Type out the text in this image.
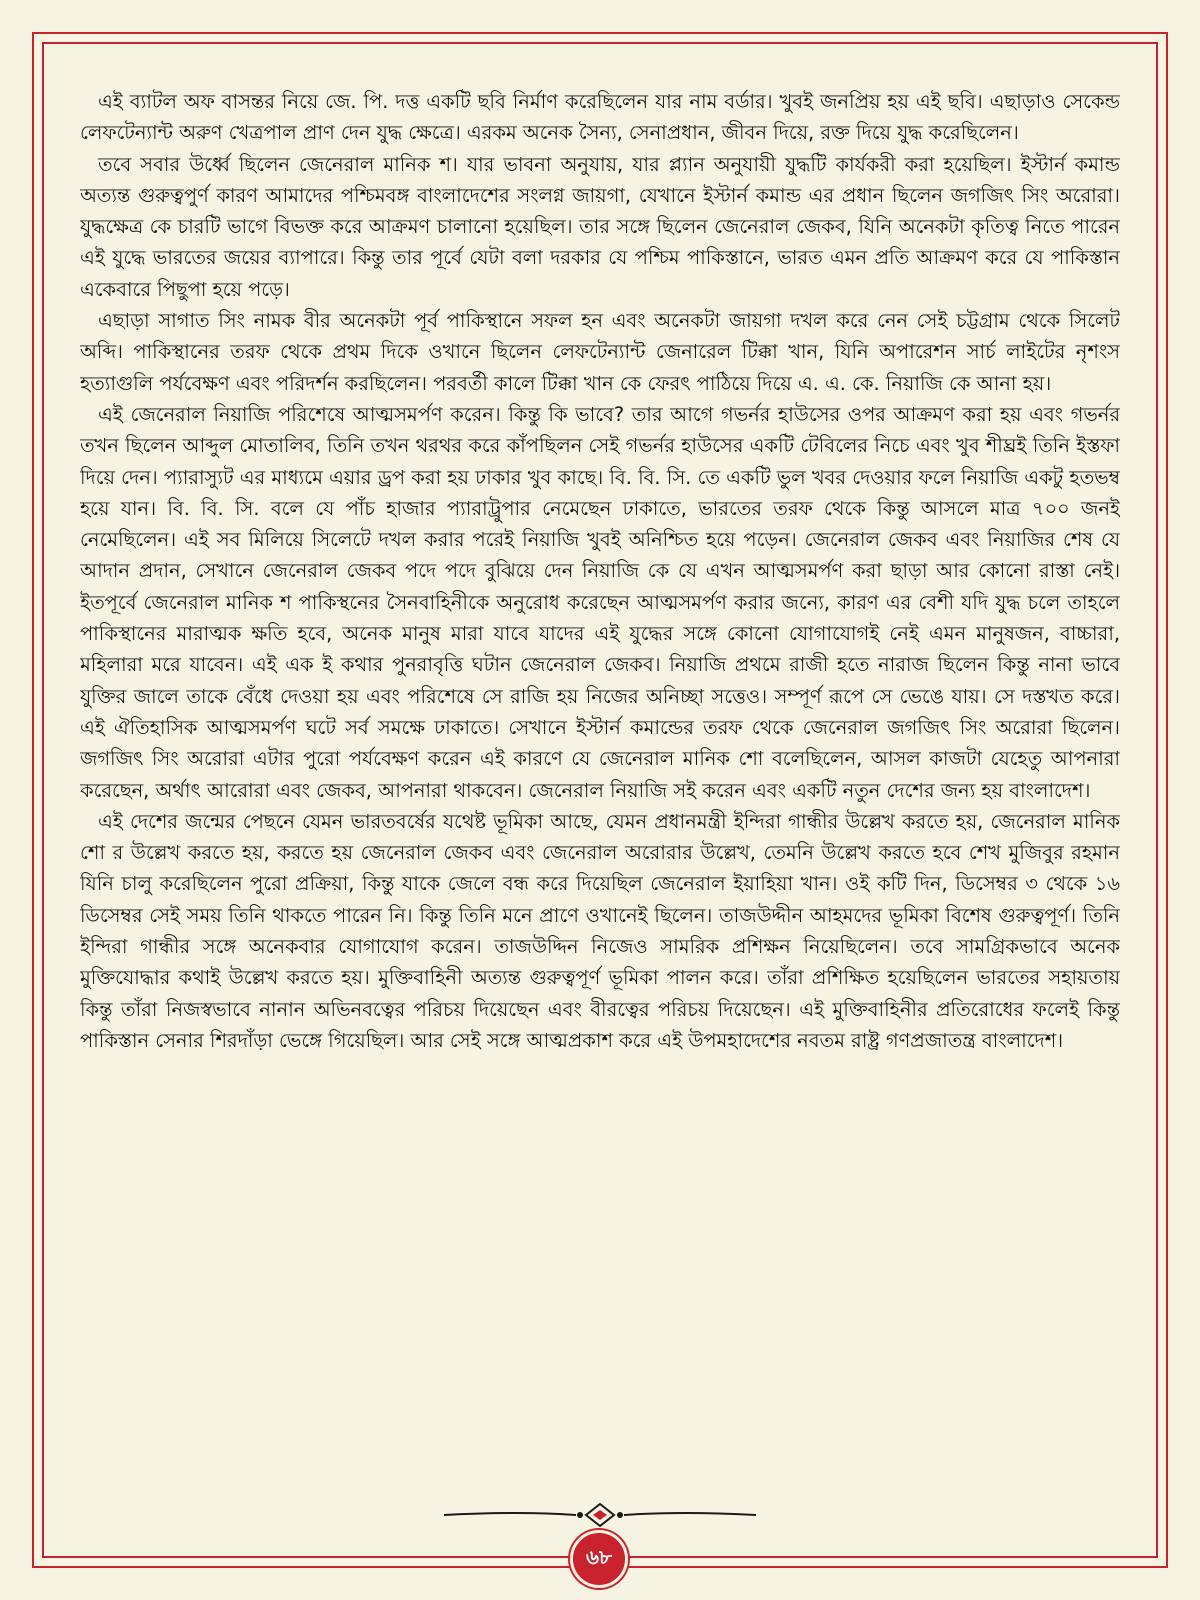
এই ব্যাটল অফ বাসন্তর নিয়ে জে. পি. দত্ত একটি ছবি নির্মাণ করেছিলেন যার নাম বর্ডার। খুবই জনপ্রিয় হয় এই ছবি। এছাড়াও সেকেন্ড লেফটেন্যান্ট অরুণ খেত্রপাল প্রাণ দেন যুদ্ধ ক্ষেত্রে। এরকম অনেক সৈন্য, সেনাপ্রধান, জীবন দিয়ে, রক্ত দিয়ে যুদ্ধ করেছিলেন।

তবে সবার উর্ধ্বে ছিলেন জেনেরাল মানিক শ। যার ভাবনা অনুযায়, যার প্ল্যান অনুযায়ী যুদ্ধটি কার্যকরী করা হয়েছিল। ইস্টার্ন কমান্ড অত্যন্ত গুরুত্বপুর্ণ কারণ আমাদের পশ্চিমবঙ্গ বাংলাদেশের সংলগ্ন জায়গা, যেখানে ইস্টার্ন কমান্ড এর প্রধান ছিলেন জগজিৎ সিং অরোরা। যুদ্ধক্ষেত্র কে চারটি ভাগে বিভক্ত করে আক্রমণ চালানো হয়েছিল। তার সঙ্গে ছিলেন জেনেরাল জেকব, যিনি অনেকটা কৃতিত্ব নিতে পারেন এই যুদ্ধে ভারতের জয়ের ব্যাপারে। কিন্তু তার পূর্বে যেটা বলা দরকার যে পশ্চিম পাকিস্তানে, ভারত এমন প্রতি আক্রমণ করে যে পাকিস্তান একেবারে পিছুপা হয়ে পড়ে।

এছাড়া সাগাত সিং নামক বীর অনেকটা পূর্ব পাকিস্থানে সফল হন এবং অনেকটা জায়গা দখল করে নেন সেই চট্টগ্রাম থেকে সিলেট অব্দি। পাকিস্থানের তরফ থেকে প্রথম দিকে ওখানে ছিলেন লেফটেন্যান্ট জেনারেল টিক্কা খান, যিনি অপারেশন সার্চ লাইটের নৃশংস হত্যাগুলি পর্যবেক্ষণ এবং পরিদর্শন করছিলেন। পরবর্তী কালে টিক্কা খান কে ফেরৎ পাঠিয়ে দিয়ে এ. এ. কে. নিয়াজি কে আনা হয়।

এই জেনেরাল নিয়াজি পরিশেষে আত্মসমর্পণ করেন। কিন্তু কি ভাবে? তার আগে গভর্নর হাউসের ওপর আক্রমণ করা হয় এবং গভর্নর তখন ছিলেন আব্দুল মোতালিব, তিনি তখন থরথর করে কাঁপছিলন সেই গভর্নর হাউসের একটি টেবিলের নিচে এবং খুব শীঘ্রই তিনি ইস্তফা দিয়ে দেন। প্যারাস্যুট এর মাধ্যমে এয়ার ড্রপ করা হয় ঢাকার খুব কাছে। বি. বি. সি. তে একটি ভুল খবর দেওয়ার ফলে নিয়াজি একটু হতভম্ব হয়ে যান। বি. বি. সি. বলে যে পাঁচ হাজার প্যারাট্রুপার নেমেছেন ঢাকাতে, ভারতের তরফ থেকে কিন্তু আসলে মাত্র ৭০০ জনই নেমেছিলেন। এই সব মিলিয়ে সিলেটে দখল করার পরেই নিয়াজি খুবই অনিশ্চিত হয়ে পড়েন। জেনেরাল জেকব এবং নিয়াজির শেষ যে আদান প্রদান, সেখানে জেনেরাল জেকব পদে পদে বুঝিয়ে দেন নিয়াজি কে যে এখন আত্মসমর্পণ করা ছাড়া আর কোনো রাস্তা নেই। ইতপূর্বে জেনেরাল মানিক শ পাকিস্থনের সৈনবাহিনীকে অনুরোধ করেছেন আত্মসমর্পণ করার জন্যে, কারণ এর বেশী যদি যুদ্ধ চলে তাহলে পাকিস্থানের মারাত্মক ক্ষতি হবে, অনেক মানুষ মারা যাবে যাদের এই যুদ্ধের সঙ্গে কোনো যোগাযোগই নেই এমন মানুষজন, বাচ্চারা, মহিলারা মরে যাবেন। এই এক ই কথার পুনরাবৃত্তি ঘটান জেনেরাল জেকব। নিয়াজি প্রথমে রাজী হতে নারাজ ছিলেন কিন্তু নানা ভাবে যুক্তির জালে তাকে বেঁধে দেওয়া হয় এবং পরিশেষে সে রাজি হয় নিজের অনিচ্ছা সত্তেও। সম্পূর্ণ রূপে সে ভেঙে যায়। সে দস্তখত করে। এই ঐতিহাসিক আত্মসমর্পণ ঘটে সর্ব সমক্ষে ঢাকাতে। সেখানে ইস্টার্ন কমান্ডের তরফ থেকে জেনেরাল জগজিৎ সিং অরোরা ছিলেন। জগজিৎ সিং অরোরা এটার পুরো পর্যবেক্ষণ করেন এই কারণে যে জেনেরাল মানিক শো বলেছিলেন, আসল কাজটা যেহেতু আপনারা করেছেন, অর্থাৎ আরোরা এবং জেকব, আপনারা থাকবেন। জেনেরাল নিয়াজি সই করেন এবং একটি নতুন দেশের জন্য হয় বাংলাদেশ।

এই দেশের জন্মের পেছনে যেমন ভারতবর্ষের যথেষ্ট ভূমিকা আছে, যেমন প্রধানমন্ত্রী ইন্দিরা গান্ধীর উল্লেখ করতে হয়, জেনেরাল মানিক শো র উল্লেখ করতে হয়, করতে হয় জেনেরাল জেকব এবং জেনেরাল অরোরার উল্লেখ, তেমনি উল্লেখ করতে হবে শেখ মুজিবুর রহমান যিনি চালু করেছিলেন পুরো প্রক্রিয়া, কিন্তু যাকে জেলে বন্ধ করে দিয়েছিল জেনেরাল ইয়াহিয়া খান। ওই কটি দিন, ডিসেম্বর ৩ থেকে ১৬ ডিসেম্বর সেই সময় তিনি থাকতে পারেন নি। কিন্তু তিনি মনে প্রাণে ওখানেই ছিলেন। তাজউদ্দীন আহমদের ভূমিকা বিশেষ গুরুত্বপূর্ণ। তিনি ইন্দিরা গান্ধীর সঙ্গে অনেকবার যোগাযোগ করেন। তাজউদ্দিন নিজেও সামরিক প্রশিক্ষন নিয়েছিলেন। তবে সামগ্রিকভাবে অনেক মুক্তিযোদ্ধার কথাই উল্লেখ করতে হয়। মুক্তিবাহিনী অত্যন্ত গুরুত্বপূর্ণ ভূমিকা পালন করে। তাঁরা প্রশিক্ষিত হয়েছিলেন ভারতের সহায়তায় কিন্তু তাঁরা নিজস্বভাবে নানান অভিনবত্বের পরিচয় দিয়েছেন এবং বীরত্বের পরিচয় দিয়েছেন। এই মুক্তিবাহিনীর প্রতিরোধের ফলেই কিন্তু পাকিস্তান সেনার শিরদাঁড়া ভেঙ্গে গিয়েছিল। আর সেই সঙ্গে আত্মপ্রকাশ করে এই উপমহাদেশের নবতম রাষ্ট্র গণপ্রজাতন্ত্র বাংলাদেশ।

৬৮
